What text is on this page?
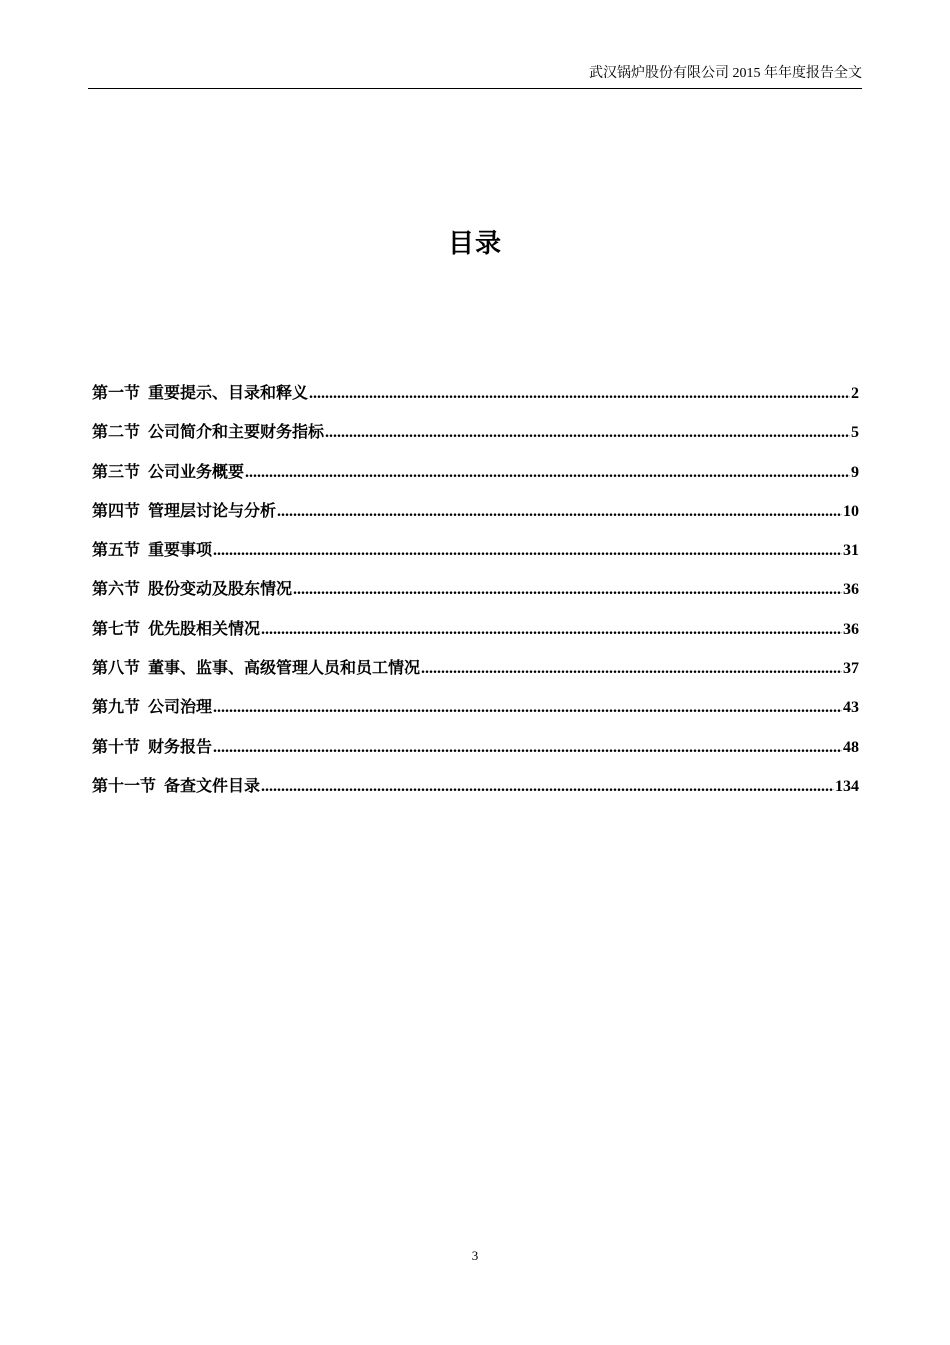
武汉锅炉股份有限公司 2015 年年度报告全文
目录
第一节 重要提示、目录和释义 .....	2
第二节 公司简介和主要财务指标 .....	5
第三节 公司业务概要 .....	9
第四节 管理层讨论与分析 .....	10
第五节 重要事项 .....	31
第六节 股份变动及股东情况 .....	36
第七节 优先股相关情况 .....	36
第八节 董事、监事、高级管理人员和员工情况 .....	37
第九节 公司治理 .....	43
第十节 财务报告 .....	48
第十一节 备查文件目录 .....	134
3
